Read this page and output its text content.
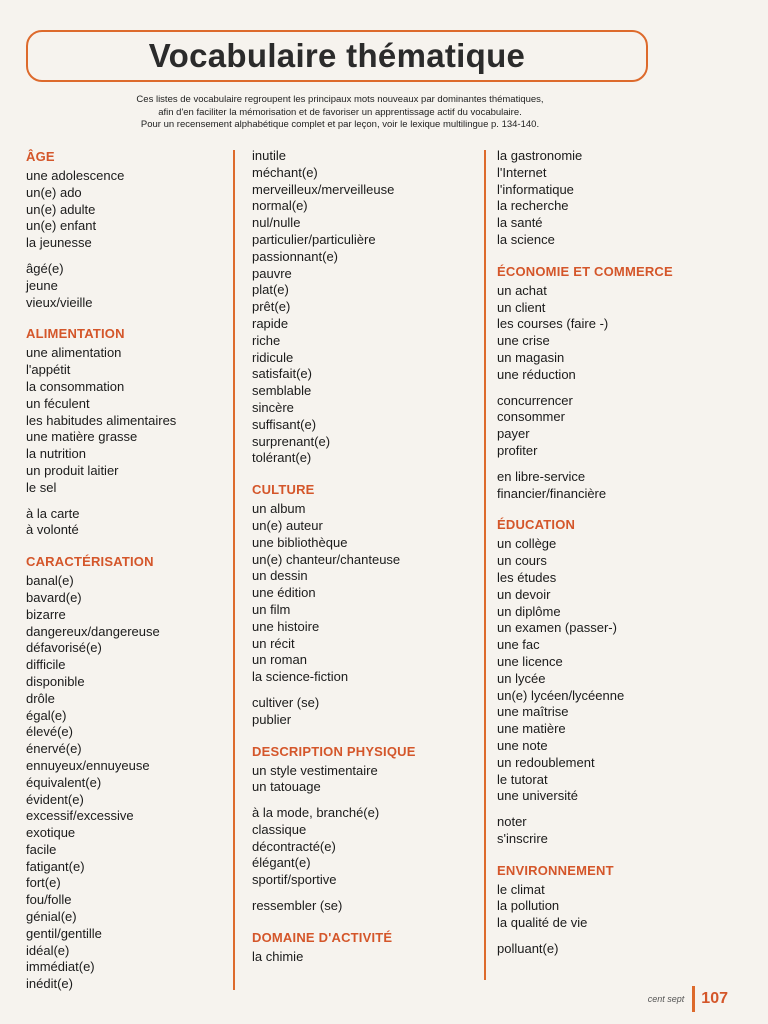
Vocabulaire thématique

Ces listes de vocabulaire regroupent les principaux mots nouveaux par dominantes thématiques,

afin d'en faciliter la mémorisation et de favoriser un apprentissage actif du vocabulaire.

Pour un recensement alphabétique complet et par leçon, voir le lexique multilingue p. 134-140.

ÂGE
une adolescence
un(e) ado
un(e) adulte
un(e) enfant
la jeunesse
âgé(e)
jeune
vieux/vieille
ALIMENTATION
une alimentation
l'appétit
la consommation
un féculent
les habitudes alimentaires
une matière grasse
la nutrition
un produit laitier
le sel
à la carte
à volonté
CARACTÉRISATION
banal(e)
bavard(e)
bizarre
dangereux/dangereuse
défavorisé(e)
difficile
disponible
drôle
égal(e)
élevé(e)
énervé(e)
ennuyeux/ennuyeuse
équivalent(e)
évident(e)
excessif/excessive
exotique
facile
fatigant(e)
fort(e)
fou/folle
génial(e)
gentil/gentille
idéal(e)
immédiat(e)
inédit(e)
inutile
méchant(e)
merveilleux/merveilleuse
normal(e)
nul/nulle
particulier/particulière
passionnant(e)
pauvre
plat(e)
prêt(e)
rapide
riche
ridicule
satisfait(e)
semblable
sincère
suffisant(e)
surprenant(e)
tolérant(e)
CULTURE
un album
un(e) auteur
une bibliothèque
un(e) chanteur/chanteuse
un dessin
une édition
un film
une histoire
un récit
un roman
la science-fiction
cultiver (se)
publier
DESCRIPTION PHYSIQUE
un style vestimentaire
un tatouage
à la mode, branché(e)
classique
décontracté(e)
élégant(e)
sportif/sportive
ressembler (se)
DOMAINE D'ACTIVITÉ
la chimie
la gastronomie
l'Internet
l'informatique
la recherche
la santé
la science
ÉCONOMIE ET COMMERCE
un achat
un client
les courses (faire -)
une crise
un magasin
une réduction
concurrencer
consommer
payer
profiter
en libre-service
financier/financière
ÉDUCATION
un collège
un cours
les études
un devoir
un diplôme
un examen (passer-)
une fac
une licence
un lycée
un(e) lycéen/lycéenne
une maîtrise
une matière
une note
un redoublement
le tutorat
une université
noter
s'inscrire
ENVIRONNEMENT
le climat
la pollution
la qualité de vie
polluant(e)
cent sept 107
